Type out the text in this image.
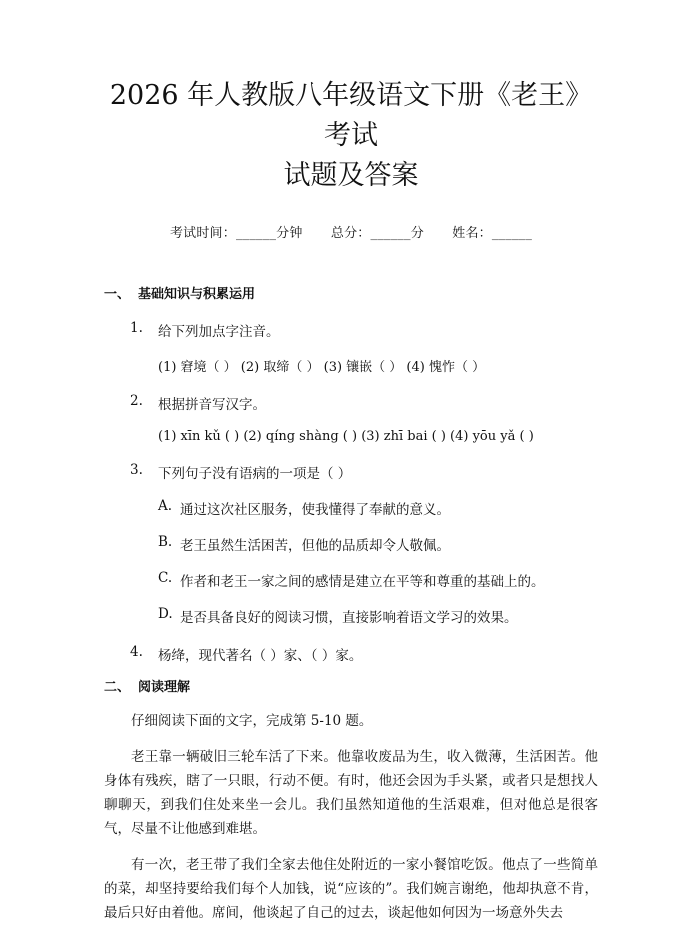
2026 年人教版八年级语文下册《老王》考试
试题及答案
考试时间：______分钟 总分：______分 姓名：______
一、 基础知识与积累运用
1.	给下列加点字注音。
(1) 窘境（ ） (2) 取缔（ ） (3) 镶嵌（ ） (4) 愧怍（ ）
2.	根据拼音写汉字。
(1) xīn kǔ ( ) (2) qíng shàng ( ) (3) zhī bai ( ) (4) yōu yǎ ( )
3.	下列句子没有语病的一项是（ ）
A. 通过这次社区服务，使我懂得了奉献的意义。
B. 老王虽然生活困苦，但他的品质却令人敬佩。
C. 作者和老王一家之间的感情是建立在平等和尊重的基础上的。
D. 是否具备良好的阅读习惯，直接影响着语文学习的效果。
4.	杨绛，现代著名（ ）家、（ ）家。
二、 阅读理解
仔细阅读下面的文字，完成第 5-10 题。
老王靠一辆破旧三轮车活了下来。他靠收废品为生，收入微薄，生活困苦。他身体有残疾，瞎了一只眼，行动不便。有时，他还会因为手头紧，或者只是想找人聊聊天，到我们住处来坐一会儿。我们虽然知道他的生活艰难，但对他总是很客气，尽量不让他感到难堪。
有一次，老王带了我们全家去他住处附近的一家小餐馆吃饭。他点了一些简单的菜，却坚持要给我们每个人加钱，说“应该的”。我们婉言谢绝，他却执意不肯，最后只好由着他。席间，他谈起了自己的过去，谈起他如何因为一场意外失去
